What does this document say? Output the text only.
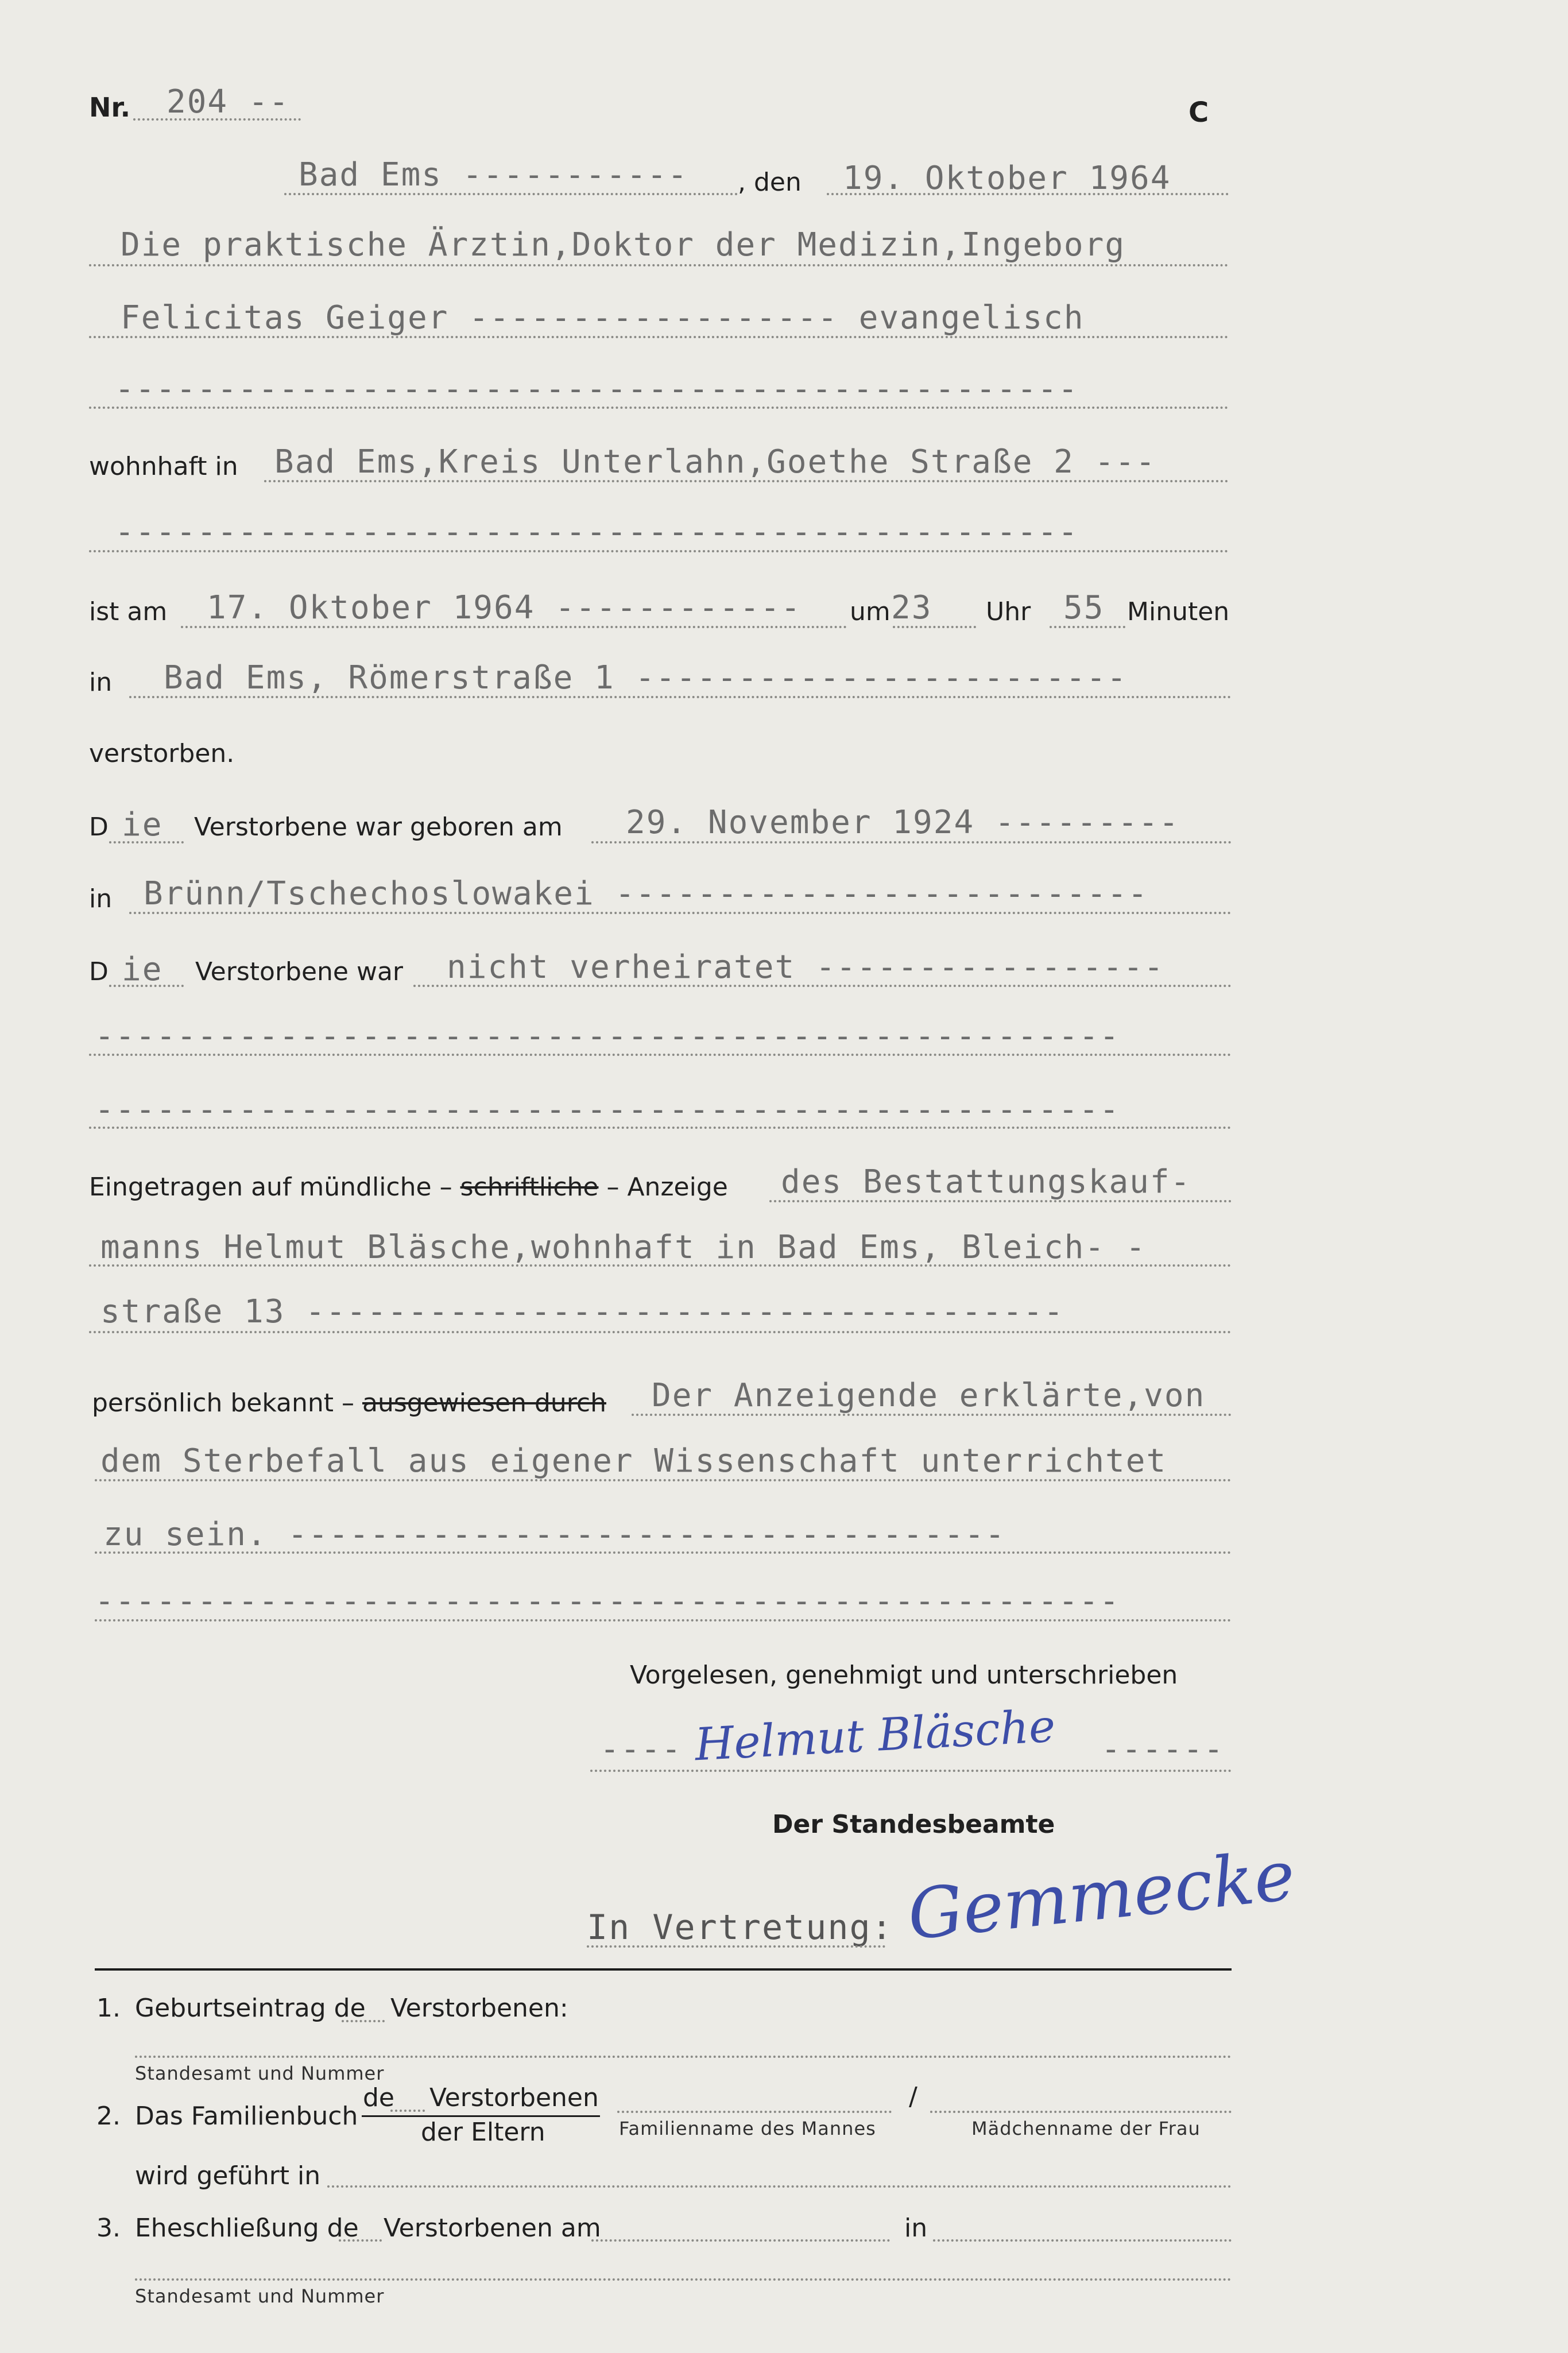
Nr. 204 --	C
Bad Ems ----------- , den 19. Oktober 1964
Die praktische Ärztin,Doktor der Medizin,Ingeborg
Felicitas Geiger ------------------ evangelisch
-----------------------------------------------
wohnhaft in Bad Ems,Kreis Unterlahn,Goethe Straße 2 ---
-----------------------------------------------
ist am 17. Oktober 1964 ------------ um 23 Uhr 55 Minuten
in Bad Ems, Römerstraße 1 ------------------------
verstorben.
D ie Verstorbene war geboren am 29. November 1924 ---------
in Brünn/Tschechoslowakei --------------------------
D ie Verstorbene war nicht verheiratet -----------------
--------------------------------------------------
--------------------------------------------------
Eingetragen auf mündliche – schriftliche – Anzeige des Bestattungskauf-
manns Helmut Bläsche,wohnhaft in Bad Ems, Bleich- -
straße 13 -------------------------------------
persönlich bekannt – ausgewiesen durch Der Anzeigende erklärte,von
dem Sterbefall aus eigener Wissenschaft unterrichtet
zu sein. -----------------------------------
--------------------------------------------------
Vorgelesen, genehmigt und unterschrieben
---- Helmut Bläsche ------
Der Standesbeamte
In Vertretung: Gemmecke
1. Geburtseintrag de Verstorbenen:
Standesamt und Nummer
2. Das Familienbuch
de Verstorbenen
der Eltern	Familienname des Mannes
/
Mädchenname der Frau
wird geführt in
3. Eheschließung de Verstorbenen am	in
Standesamt und Nummer
